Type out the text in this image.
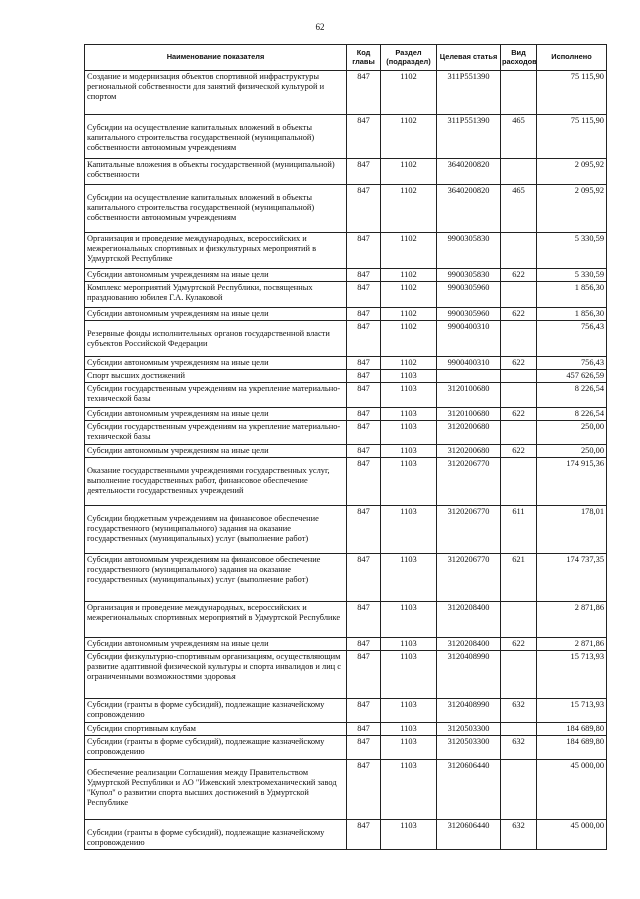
62
Наименование показателя	Код главы	Раздел (подраздел)	Целевая статья	Вид расходов	Исполнено
Создание и модернизация объектов спортивной инфраструктуры региональной собственности для занятий физической культурой и спортом	847	1102	311P551390		75 115,90
Субсидии на осуществление капитальных вложений в объекты капитального строительства государственной (муниципальной) собственности автономным учреждениям	847	1102	311P551390	465	75 115,90
Капитальные вложения в объекты государственной (муниципальной) собственности	847	1102	3640200820		2 095,92
Субсидии на осуществление капитальных вложений в объекты капитального строительства государственной (муниципальной) собственности автономным учреждениям	847	1102	3640200820	465	2 095,92
Организация и проведение международных, всероссийских и межрегиональных спортивных и физкультурных мероприятий в Удмуртской Республике	847	1102	9900305830		5 330,59
Субсидии автономным учреждениям на иные цели	847	1102	9900305830	622	5 330,59
Комплекс мероприятий Удмуртской Республики, посвященных празднованию юбилея Г.А. Кулаковой	847	1102	9900305960		1 856,30
Субсидии автономным учреждениям на иные цели	847	1102	9900305960	622	1 856,30
Резервные фонды исполнительных органов государственной власти субъектов Российской Федерации	847	1102	9900400310		756,43
Субсидии автономным учреждениям на иные цели	847	1102	9900400310	622	756,43
Спорт высших достижений	847	1103			457 626,59
Субсидии государственным учреждениям на укрепление материально-технической базы	847	1103	3120100680		8 226,54
Субсидии автономным учреждениям на иные цели	847	1103	3120100680	622	8 226,54
Субсидии государственным учреждениям на укрепление материально-технической базы	847	1103	3120200680		250,00
Субсидии автономным учреждениям на иные цели	847	1103	3120200680	622	250,00
Оказание государственными учреждениями государственных услуг, выполнение государственных работ, финансовое обеспечение деятельности государственных учреждений	847	1103	3120206770		174 915,36
Субсидии бюджетным учреждениям на финансовое обеспечение государственного (муниципального) задания на оказание государственных (муниципальных) услуг (выполнение работ)	847	1103	3120206770	611	178,01
Субсидии автономным учреждениям на финансовое обеспечение государственного (муниципального) задания на оказание государственных (муниципальных) услуг (выполнение работ)	847	1103	3120206770	621	174 737,35
Организация и проведение международных, всероссийских и межрегиональных спортивных мероприятий в Удмуртской Республике	847	1103	3120208400		2 871,86
Субсидии автономным учреждениям на иные цели	847	1103	3120208400	622	2 871,86
Субсидии физкультурно-спортивным организациям, осуществляющим развитие адаптивной физической культуры и спорта инвалидов и лиц с ограниченными возможностями здоровья	847	1103	3120408990		15 713,93
Субсидии (гранты в форме субсидий), подлежащие казначейскому сопровождению	847	1103	3120408990	632	15 713,93
Субсидии спортивным клубам	847	1103	3120503300		184 689,80
Субсидии (гранты в форме субсидий), подлежащие казначейскому сопровождению	847	1103	3120503300	632	184 689,80
Обеспечение реализации Соглашения между Правительством Удмуртской Республики и АО "Ижевский электромеханический завод "Купол" о развитии спорта высших достижений в Удмуртской Республике	847	1103	3120606440		45 000,00
Субсидии (гранты в форме субсидий), подлежащие казначейскому сопровождению	847	1103	3120606440	632	45 000,00
